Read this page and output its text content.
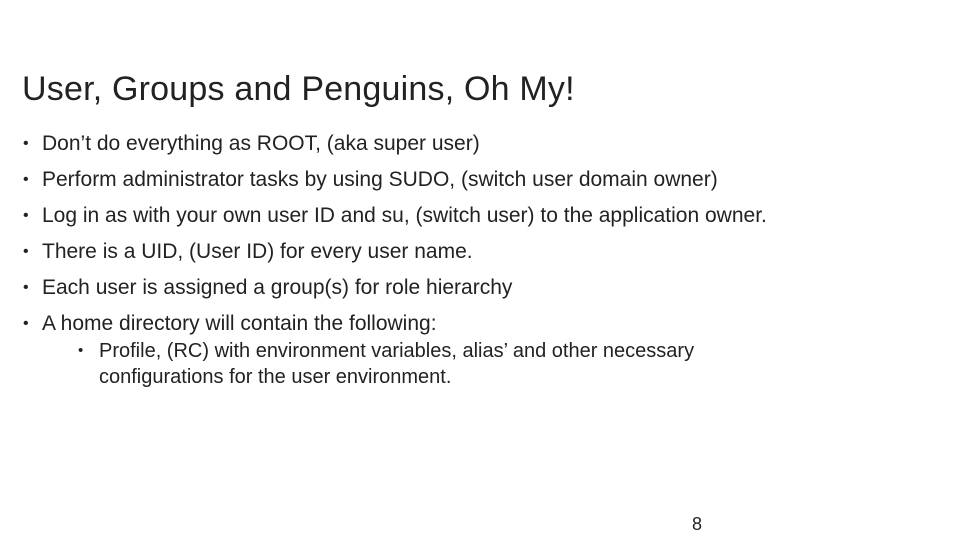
User, Groups and Penguins, Oh My!
• Don’t do everything as ROOT, (aka super user)
• Perform administrator tasks by using SUDO, (switch user domain owner)
• Log in as with your own user ID and su, (switch user) to the application owner.
• There is a UID, (User ID) for every user name.
• Each user is assigned a group(s) for role hierarchy
• A home directory will contain the following:
• Profile, (RC) with environment variables, alias’ and other necessary configurations for the user environment.
8
